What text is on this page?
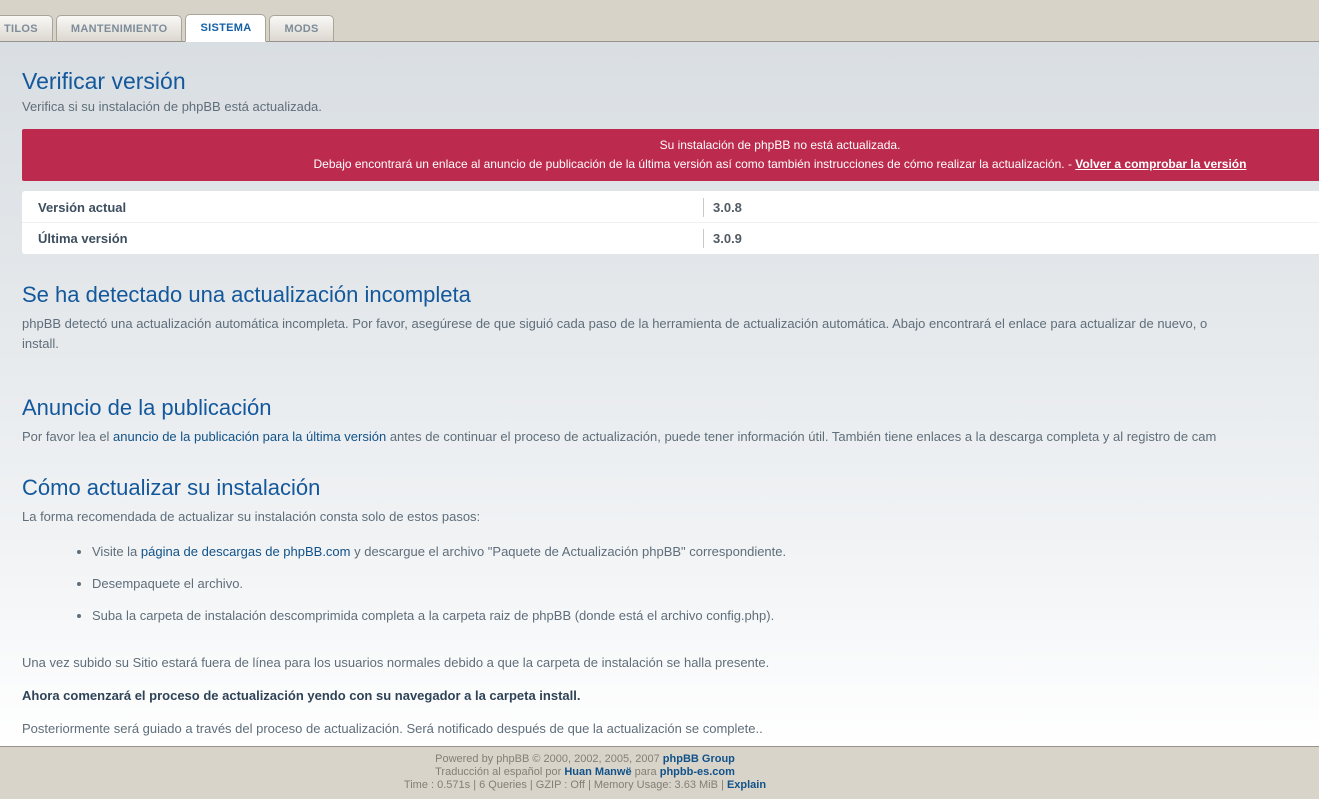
TILOS	MANTENIMIENTO	SISTEMA	MODS
Verificar versión

Verifica si su instalación de phpBB está actualizada.

Su instalación de phpBB no está actualizada.
Debajo encontrará un enlace al anuncio de publicación de la última versión así como también instrucciones de cómo realizar la actualización. - Volver a comprobar la versión
Versión actual	3.0.8
Última versión	3.0.9
Se ha detectado una actualización incompleta
phpBB detectó una actualización automática incompleta. Por favor, asegúrese de que siguió cada paso de la herramienta de actualización automática. Abajo encontrará el enlace para actualizar de nuevo, o
install.
Anuncio de la publicación
Por favor lea el anuncio de la publicación para la última versión antes de continuar el proceso de actualización, puede tener información útil. También tiene enlaces a la descarga completa y al registro de cam
Cómo actualizar su instalación
La forma recomendada de actualizar su instalación consta solo de estos pasos:
• Visite la página de descargas de phpBB.com y descargue el archivo "Paquete de Actualización phpBB" correspondiente.
• Desempaquete el archivo.
• Suba la carpeta de instalación descomprimida completa a la carpeta raiz de phpBB (donde está el archivo config.php).
Una vez subido su Sitio estará fuera de línea para los usuarios normales debido a que la carpeta de instalación se halla presente.
Ahora comenzará el proceso de actualización yendo con su navegador a la carpeta install.
Posteriormente será guiado a través del proceso de actualización. Será notificado después de que la actualización se complete..
Powered by phpBB © 2000, 2002, 2005, 2007 phpBB Group
Traducción al español por Huan Manwë para phpbb-es.com
Time : 0.571s | 6 Queries | GZIP : Off | Memory Usage: 3.63 MiB | Explain
